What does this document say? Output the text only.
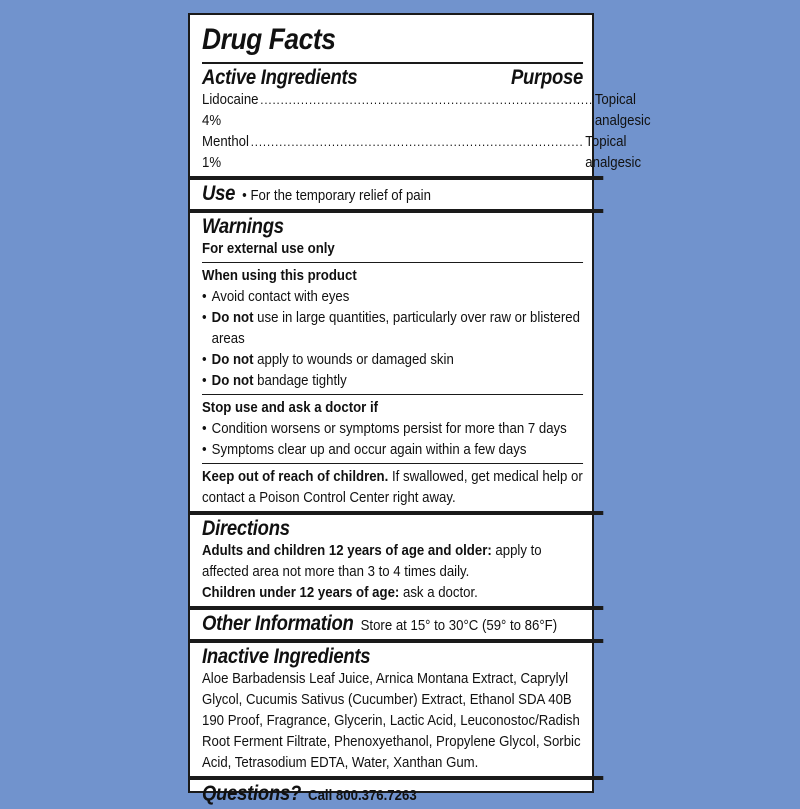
Drug Facts
Active Ingredients	Purpose
Lidocaine 4%
.................................................................................. Topical analgesic
Menthol 1%
.................................................................................. Topical analgesic
Use • For the temporary relief of pain
Warnings
For external use only
When using this product
• Avoid contact with eyes
• Do not use in large quantities, particularly over raw or blistered areas
• Do not apply to wounds or damaged skin
• Do not bandage tightly
Stop use and ask a doctor if
• Condition worsens or symptoms persist for more than 7 days
• Symptoms clear up and occur again within a few days
Keep out of reach of children. If swallowed, get medical help or contact a Poison Control Center right away.
Directions
Adults and children 12 years of age and older: apply to affected area not more than 3 to 4 times daily.
Children under 12 years of age: ask a doctor.
Other Information Store at 15° to 30°C (59° to 86°F)
Inactive Ingredients
Aloe Barbadensis Leaf Juice, Arnica Montana Extract, Caprylyl Glycol, Cucumis Sativus (Cucumber) Extract, Ethanol SDA 40B 190 Proof, Fragrance, Glycerin, Lactic Acid, Leuconostoc/Radish Root Ferment Filtrate, Phenoxyethanol, Propylene Glycol, Sorbic Acid, Tetrasodium EDTA, Water, Xanthan Gum.
Questions? Call 800.376.7263
